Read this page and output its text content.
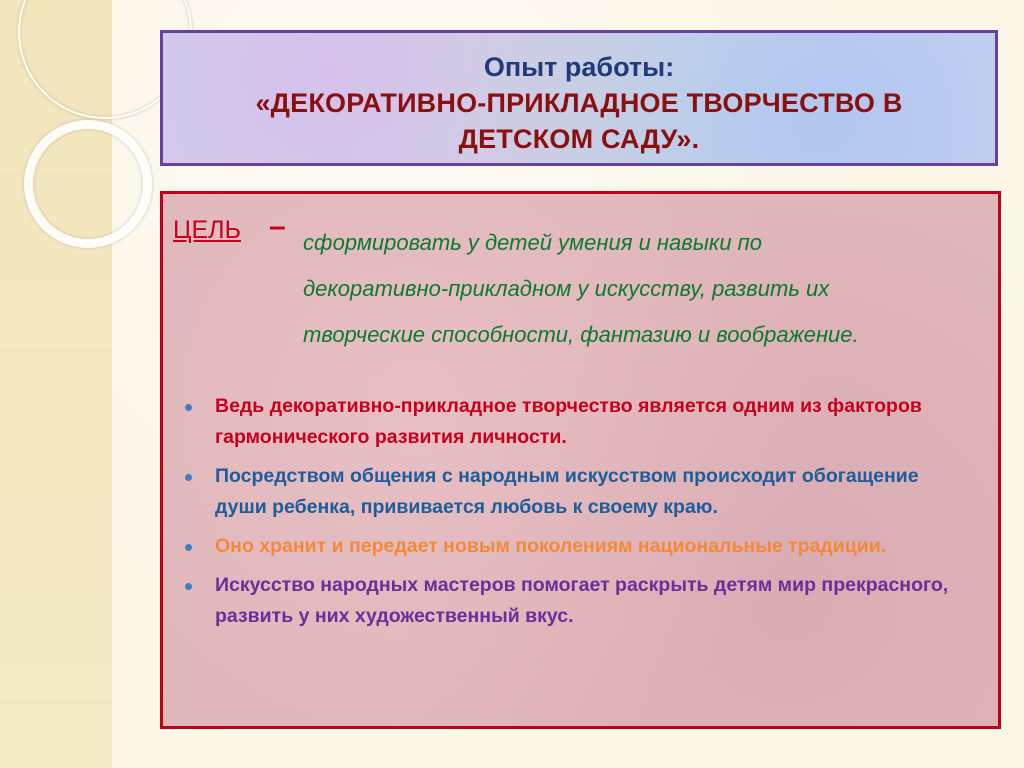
Опыт работы:
«ДЕКОРАТИВНО-ПРИКЛАДНОЕ ТВОРЧЕСТВО В
ДЕТСКОМ САДУ».
ЦЕЛЬ – сформировать у детей умения и навыки по
декоративно-прикладном у искусству, развить их
творческие способности, фантазию и воображение.
Ведь декоративно-прикладное творчество является одним из факторов гармонического развития личности.
Посредством общения с народным искусством происходит обогащение души ребенка, прививается любовь к своему краю.
Оно хранит и передает новым поколениям национальные традиции.
Искусство народных мастеров помогает раскрыть детям мир прекрасного, развить у них художественный вкус.
